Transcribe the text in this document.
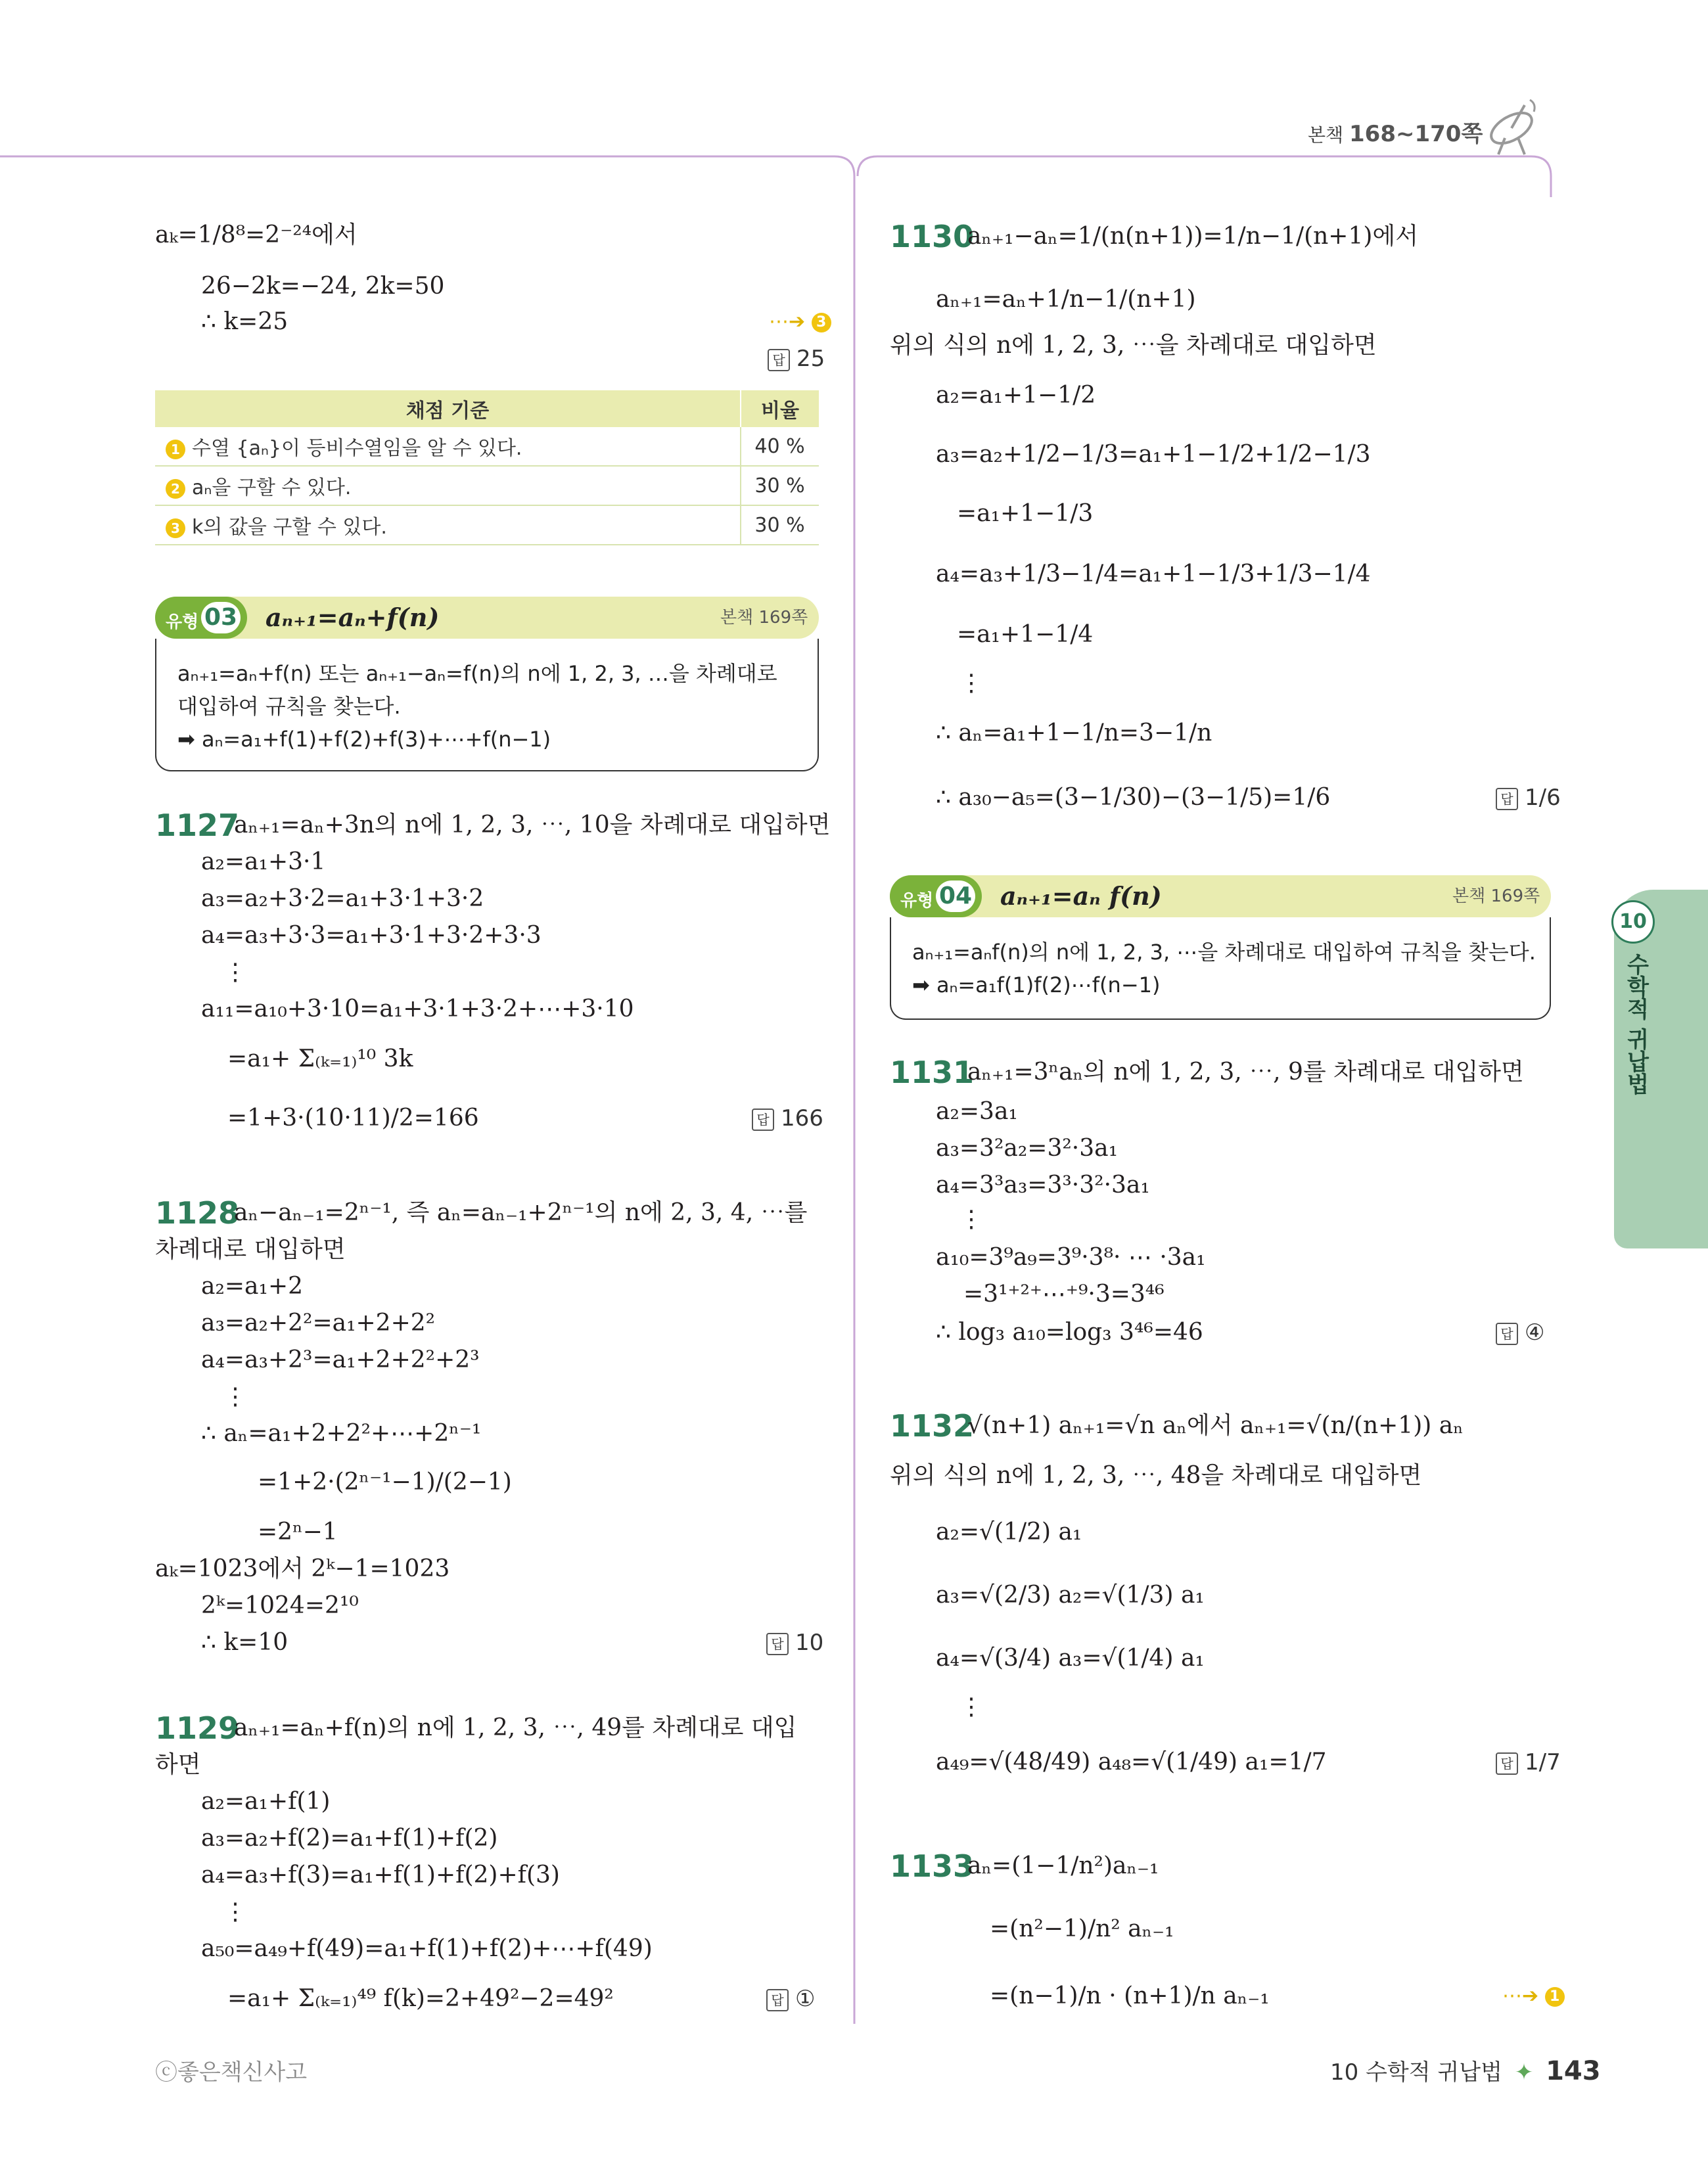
본책 168~170쪽
aₖ=1/8⁸=2⁻²⁴에서
26−2k=−24, 2k=50
∴ k=25	⋯➔ 3
답 25
채점 기준	비율
1 수열 {aₙ}이 등비수열임을 알 수 있다.	40 %
2 aₙ을 구할 수 있다.	30 %
3 k의 값을 구할 수 있다.	30 %
유형 03 aₙ₊₁=aₙ+f(n)	본책 169쪽
aₙ₊₁=aₙ+f(n) 또는 aₙ₊₁−aₙ=f(n)의 n에 1, 2, 3, …을 차례대로
대입하여 규칙을 찾는다.
➡ aₙ=a₁+f(1)+f(2)+f(3)+⋯+f(n−1)
1127
aₙ₊₁=aₙ+3n의 n에 1, 2, 3, ⋯, 10을 차례대로 대입하면
a₂=a₁+3·1
a₃=a₂+3·2=a₁+3·1+3·2
a₄=a₃+3·3=a₁+3·1+3·2+3·3
⋮
a₁₁=a₁₀+3·10=a₁+3·1+3·2+⋯+3·10
=a₁+ Σ₍ₖ₌₁₎¹⁰ 3k
=1+3·(10·11)/2=166	답 166
1128
aₙ−aₙ₋₁=2ⁿ⁻¹, 즉 aₙ=aₙ₋₁+2ⁿ⁻¹의 n에 2, 3, 4, ⋯를
차례대로 대입하면
a₂=a₁+2
a₃=a₂+2²=a₁+2+2²
a₄=a₃+2³=a₁+2+2²+2³
⋮
∴ aₙ=a₁+2+2²+⋯+2ⁿ⁻¹
=1+2·(2ⁿ⁻¹−1)/(2−1)
=2ⁿ−1
aₖ=1023에서 2ᵏ−1=1023
2ᵏ=1024=2¹⁰
∴ k=10	답 10
1129
aₙ₊₁=aₙ+f(n)의 n에 1, 2, 3, ⋯, 49를 차례대로 대입
하면
a₂=a₁+f(1)
a₃=a₂+f(2)=a₁+f(1)+f(2)
a₄=a₃+f(3)=a₁+f(1)+f(2)+f(3)
⋮
a₅₀=a₄₉+f(49)=a₁+f(1)+f(2)+⋯+f(49)
=a₁+ Σ₍ₖ₌₁₎⁴⁹ f(k)=2+49²−2=49²	답 ①
1130
aₙ₊₁−aₙ=1/(n(n+1))=1/n−1/(n+1)에서
aₙ₊₁=aₙ+1/n−1/(n+1)
위의 식의 n에 1, 2, 3, ⋯을 차례대로 대입하면
a₂=a₁+1−1/2
a₃=a₂+1/2−1/3=a₁+1−1/2+1/2−1/3
=a₁+1−1/3
a₄=a₃+1/3−1/4=a₁+1−1/3+1/3−1/4
=a₁+1−1/4
⋮
∴ aₙ=a₁+1−1/n=3−1/n
∴ a₃₀−a₅=(3−1/30)−(3−1/5)=1/6	답 1/6
유형 04 aₙ₊₁=aₙ f(n)	본책 169쪽
aₙ₊₁=aₙf(n)의 n에 1, 2, 3, ⋯을 차례대로 대입하여 규칙을 찾는다.
➡ aₙ=a₁f(1)f(2)⋯f(n−1)
1131
aₙ₊₁=3ⁿaₙ의 n에 1, 2, 3, ⋯, 9를 차례대로 대입하면
a₂=3a₁
a₃=3²a₂=3²·3a₁
a₄=3³a₃=3³·3²·3a₁
⋮
a₁₀=3⁹a₉=3⁹·3⁸· ⋯ ·3a₁
=3¹⁺²⁺⋯⁺⁹·3=3⁴⁶
∴ log₃ a₁₀=log₃ 3⁴⁶=46	답 ④
1132
√(n+1) aₙ₊₁=√n aₙ에서 aₙ₊₁=√(n/(n+1)) aₙ
위의 식의 n에 1, 2, 3, ⋯, 48을 차례대로 대입하면
a₂=√(1/2) a₁
a₃=√(2/3) a₂=√(1/3) a₁
a₄=√(3/4) a₃=√(1/4) a₁
⋮
a₄₉=√(48/49) a₄₈=√(1/49) a₁=1/7	답 1/7
1133
aₙ=(1−1/n²)aₙ₋₁
=(n²−1)/n² aₙ₋₁
=(n−1)/n · (n+1)/n aₙ₋₁	⋯➔ 1
10
수학적 귀납법
ⓒ좋은책신사고	10 수학적 귀납법 ✦ 143
